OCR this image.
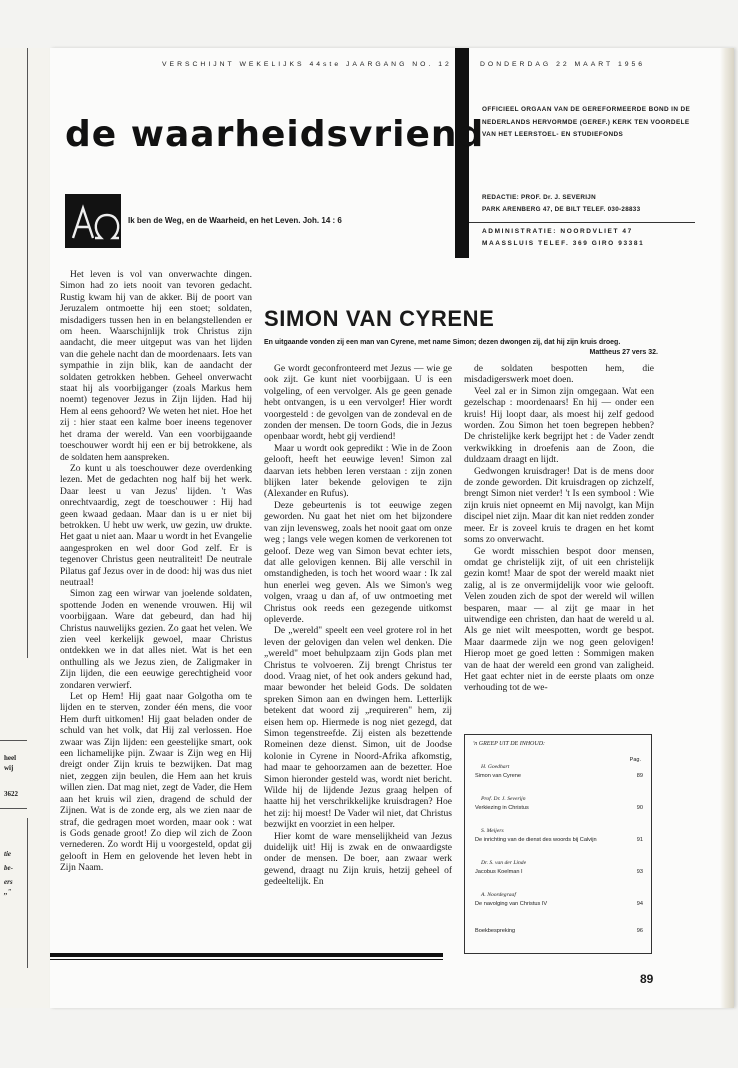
heel
wij
3622
tie
be-
ers
,,"
VERSCHIJNT WEKELIJKS 44ste JAARGANG NO. 12	DONDERDAG 22 MAART 1956
de waarheidsvriend
Ik ben de Weg, en de Waarheid, en het Leven. Joh. 14 : 6
OFFICIEEL ORGAAN VAN DE GEREFORMEERDE BOND IN DE NEDERLANDS HERVORMDE (GEREF.) KERK TEN VOORDELE VAN HET LEERSTOEL- EN STUDIEFONDS
REDACTIE: PROF. Dr. J. SEVERIJN
PARK ARENBERG 47, DE BILT TELEF. 030-28833
ADMINISTRATIE: NOORDVLIET 47
MAASSLUIS TELEF. 369 GIRO 93381

Het leven is vol van onverwachte dingen. Simon had zo iets nooit van tevoren gedacht. Rustig kwam hij van de akker. Bij de poort van Jeruzalem ontmoette hij een stoet; soldaten, misdadigers tussen hen in en belangstellenden er om heen. Waarschijnlijk trok Christus zijn aandacht, die meer uitgeput was van het lijden van die gehele nacht dan de moordenaars. Iets van sympathie in zijn blik, kan de aandacht der soldaten getrokken hebben. Geheel onverwacht staat hij als voorbijganger (zoals Markus hem noemt) tegenover Jezus in Zijn lijden. Had hij Hem al eens gehoord? We weten het niet. Hoe het zij : hier staat een kalme boer ineens tegenover het drama der wereld. Van een voorbijgaande toeschouwer wordt hij een er bij betrokkene, als de soldaten hem aanspreken.

Zo kunt u als toeschouwer deze overdenking lezen. Met de gedachten nog half bij het werk. Daar leest u van Jezus' lijden. 't Was onrechtvaardig, zegt de toeschouwer : Hij had geen kwaad gedaan. Maar dan is u er niet bij betrokken. U hebt uw werk, uw gezin, uw drukte. Het gaat u niet aan. Maar u wordt in het Evangelie aangesproken en wel door God zelf. Er is tegenover Christus geen neutraliteit! De neutrale Pilatus gaf Jezus over in de dood: hij was dus niet neutraal!

Simon zag een wirwar van joelende soldaten, spottende Joden en wenende vrouwen. Hij wil voorbijgaan. Ware dat gebeurd, dan had hij Christus nauwelijks gezien. Zo gaat het velen. We zien veel kerkelijk gewoel, maar Christus ontdekken we in dat alles niet. Wat is het een onthulling als we Jezus zien, de Zaligmaker in Zijn lijden, die een eeuwige gerechtigheid voor zondaren verwierf.

Let op Hem! Hij gaat naar Golgotha om te lijden en te sterven, zonder één mens, die voor Hem durft uitkomen! Hij gaat beladen onder de schuld van het volk, dat Hij zal verlossen. Hoe zwaar was Zijn lijden: een geestelijke smart, ook een lichamelijke pijn. Zwaar is Zijn weg en Hij dreigt onder Zijn kruis te bezwijken. Dat mag niet, zeggen zijn beulen, die Hem aan het kruis willen zien. Dat mag niet, zegt de Vader, die Hem aan het kruis wil zien, dragend de schuld der Zijnen. Wat is de zonde erg, als we zien naar de straf, die gedragen moet worden, maar ook : wat is Gods genade groot! Zo diep wil zich de Zoon vernederen. Zo wordt Hij u voorgesteld, opdat gij gelooft in Hem en gelovende het leven hebt in Zijn Naam.

SIMON VAN CYRENE
En uitgaande vonden zij een man van Cyrene, met name Simon; dezen dwongen zij, dat hij zijn kruis droeg.
Mattheus 27 vers 32.

Ge wordt geconfronteerd met Jezus — wie ge ook zijt. Ge kunt niet voorbijgaan. U is een volgeling, of een vervolger. Als ge geen genade hebt ontvangen, is u een vervolger! Hier wordt voorgesteld : de gevolgen van de zondeval en de zonden der mensen. De toorn Gods, die in Jezus openbaar wordt, hebt gij verdiend!

Maar u wordt ook gepredikt : Wie in de Zoon gelooft, heeft het eeuwige leven! Simon zal daarvan iets hebben leren verstaan : zijn zonen blijken later bekende gelovigen te zijn (Alexander en Rufus).

Deze gebeurtenis is tot eeuwige zegen geworden. Nu gaat het niet om het bijzondere van zijn levensweg, zoals het nooit gaat om onze weg ; langs vele wegen komen de verkorenen tot geloof. Deze weg van Simon bevat echter iets, dat alle gelovigen kennen. Bij alle verschil in omstandigheden, is toch het woord waar : Ik zal hun enerlei weg geven. Als we Simon's weg volgen, vraag u dan af, of uw ontmoeting met Christus ook reeds een gezegende uitkomst opleverde.

De „wereld" speelt een veel grotere rol in het leven der gelovigen dan velen wel denken. Die „wereld" moet behulpzaam zijn Gods plan met Christus te volvoeren. Zij brengt Christus ter dood. Vraag niet, of het ook anders gekund had, maar bewonder het beleid Gods. De soldaten spreken Simon aan en dwingen hem. Letterlijk betekent dat woord zij „requireren" hem, zij eisen hem op. Hiermede is nog niet gezegd, dat Simon tegenstreefde. Zij eisten als bezettende Romeinen deze dienst. Simon, uit de Joodse kolonie in Cyrene in Noord-Afrika afkomstig, had maar te gehoorzamen aan de bezetter. Hoe Simon hieronder gesteld was, wordt niet bericht. Wilde hij de lijdende Jezus graag helpen of haatte hij het verschrikkelijke kruisdragen? Hoe het zij: hij moest! De Vader wil niet, dat Christus bezwijkt en voorziet in een helper.

Hier komt de ware menselijkheid van Jezus duidelijk uit! Hij is zwak en de onwaardigste onder de mensen. De boer, aan zwaar werk gewend, draagt nu Zijn kruis, hetzij geheel of gedeeltelijk. En

de soldaten bespotten hem, die misdadigerswerk moet doen.

Veel zal er in Simon zijn omgegaan. Wat een gezelschap : moordenaars! En hij — onder een kruis! Hij loopt daar, als moest hij zelf gedood worden. Zou Simon het toen begrepen hebben? De christelijke kerk begrijpt het : de Vader zendt verkwikking in droefenis aan de Zoon, die duldzaam draagt en lijdt.

Gedwongen kruisdrager! Dat is de mens door de zonde geworden. Dit kruisdragen op zichzelf, brengt Simon niet verder! 't Is een symbool : Wie zijn kruis niet opneemt en Mij navolgt, kan Mijn discipel niet zijn. Maar dit kan niet redden zonder meer. Er is zoveel kruis te dragen en het komt soms zo onverwacht.

Ge wordt misschien bespot door mensen, omdat ge christelijk zijt, of uit een christelijk gezin komt! Maar de spot der wereld maakt niet zalig, al is ze onvermijdelijk voor wie gelooft. Velen zouden zich de spot der wereld wil willen besparen, maar — al zijt ge maar in het uitwendige een christen, dan haat de wereld u al. Als ge niet wilt meespotten, wordt ge bespot. Maar daarmede zijn we nog geen gelovigen! Hierop moet ge goed letten : Sommigen maken van de haat der wereld een grond van zaligheid. Het gaat echter niet in de eerste plaats om onze verhouding tot de we-

'n GREEP UIT DE INHOUD:
Pag.
H. Goedhart
Simon van Cyrene	89
Prof. Dr. J. Severijn
Verkiezing in Christus	90
S. Meijers
De inrichting van de dienst des woords bij Calvijn	91
Dr. S. van der Linde
Jacobus Koelman I	93
A. Noordegraaf
De navolging van Christus IV	94
Boekbespreking	96
89
